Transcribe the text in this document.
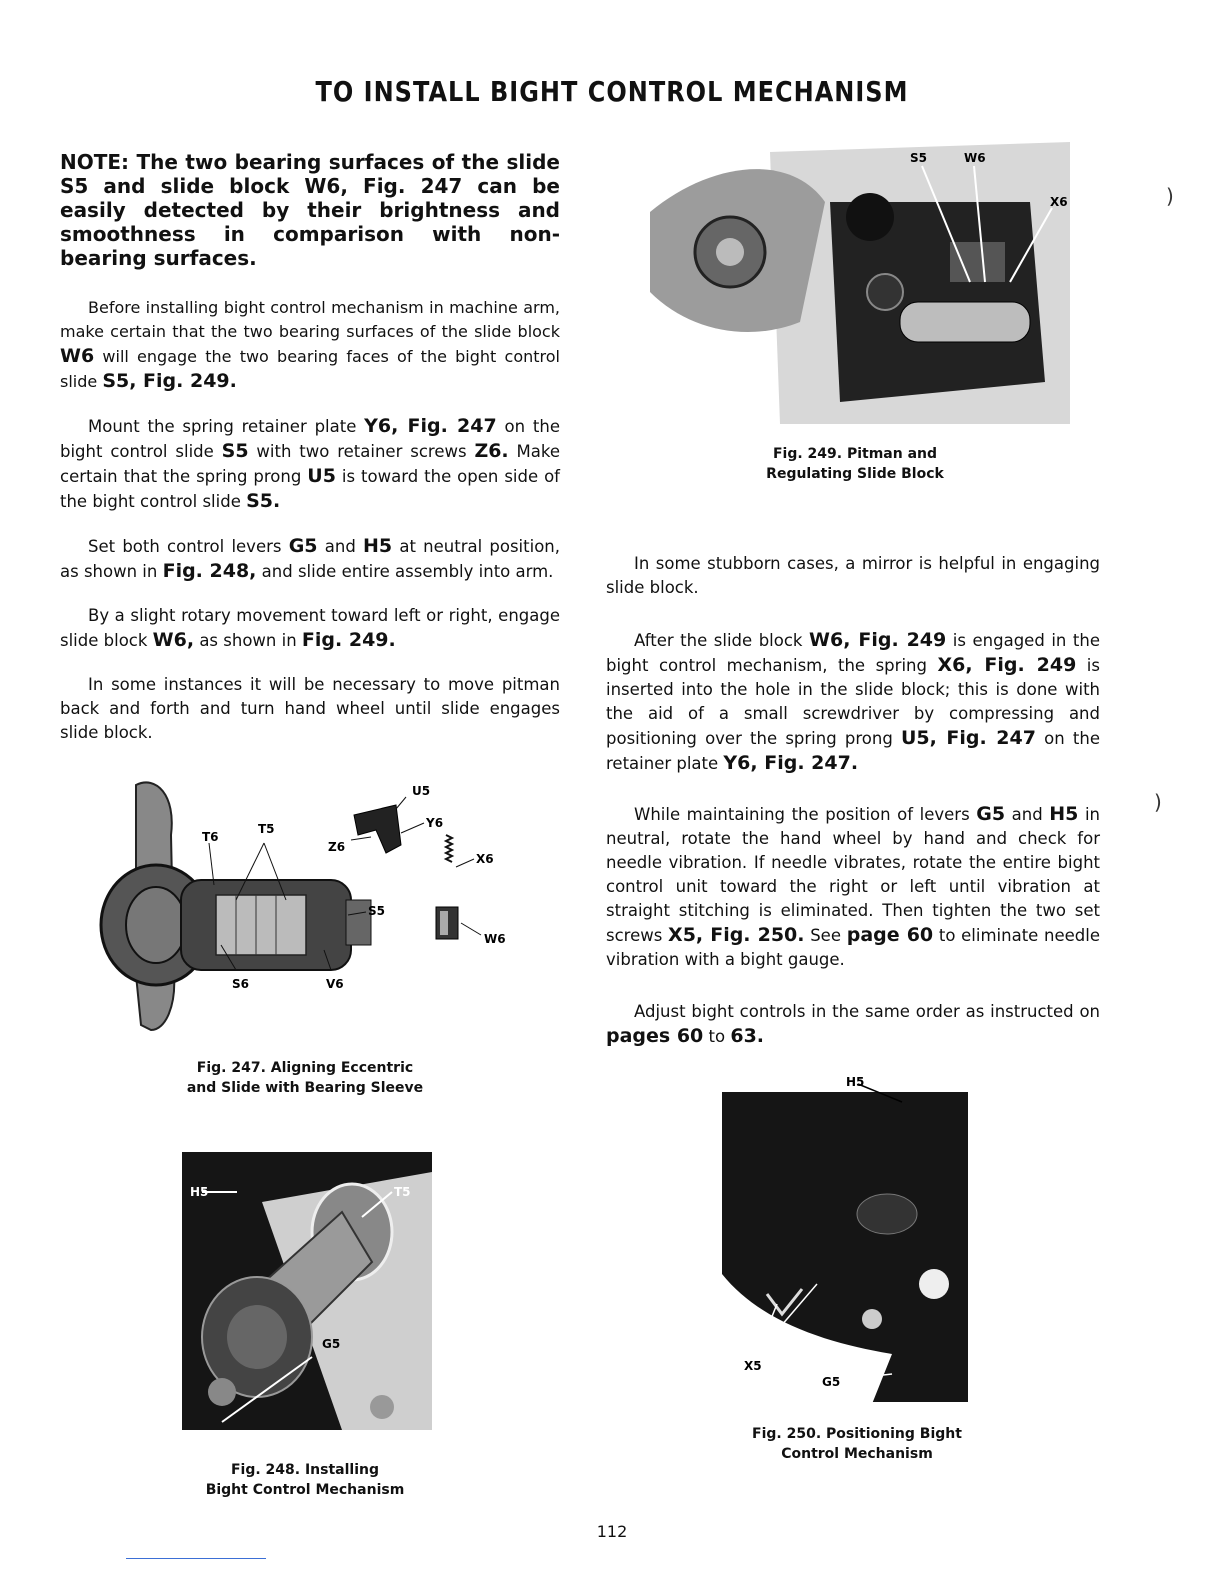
TO INSTALL BIGHT CONTROL MECHANISM
NOTE: The two bearing surfaces of the slide S5 and slide block W6, Fig. 247 can be easily detected by their brightness and smoothness in comparison with non-bearing surfaces.

Before installing bight control mechanism in machine arm, make certain that the two bearing surfaces of the slide block W6 will engage the two bearing faces of the bight control slide S5, Fig. 249.

Mount the spring retainer plate Y6, Fig. 247 on the bight control slide S5 with two retainer screws Z6. Make certain that the spring prong U5 is toward the open side of the bight control slide S5.

Set both control levers G5 and H5 at neutral position, as shown in Fig. 248, and slide entire assembly into arm.

By a slight rotary movement toward left or right, engage slide block W6, as shown in Fig. 249.

In some instances it will be necessary to move pitman back and forth and turn hand wheel until slide engages slide block.

U5
T5
T6
Y6
Z6
X6
S5
W6
S6	V6
Fig. 247. Aligning Eccentric
and Slide with Bearing Sleeve
H5	T5
G5
Fig. 248. Installing
Bight Control Mechanism
S5	W6
X6
Fig. 249. Pitman and
Regulating Slide Block

In some stubborn cases, a mirror is helpful in engaging slide block.

After the slide block W6, Fig. 249 is engaged in the bight control mechanism, the spring X6, Fig. 249 is inserted into the hole in the slide block; this is done with the aid of a small screwdriver by compressing and positioning over the spring prong U5, Fig. 247 on the retainer plate Y6, Fig. 247.

While maintaining the position of levers G5 and H5 in neutral, rotate the hand wheel by hand and check for needle vibration. If needle vibrates, rotate the entire bight control unit toward the right or left until vibration at straight stitching is eliminated. Then tighten the two set screws X5, Fig. 250. See page 60 to eliminate needle vibration with a bight gauge.

Adjust bight controls in the same order as instructed on pages 60 to 63.

H5
X5
G5
Fig. 250. Positioning Bight
Control Mechanism
)
)
112
